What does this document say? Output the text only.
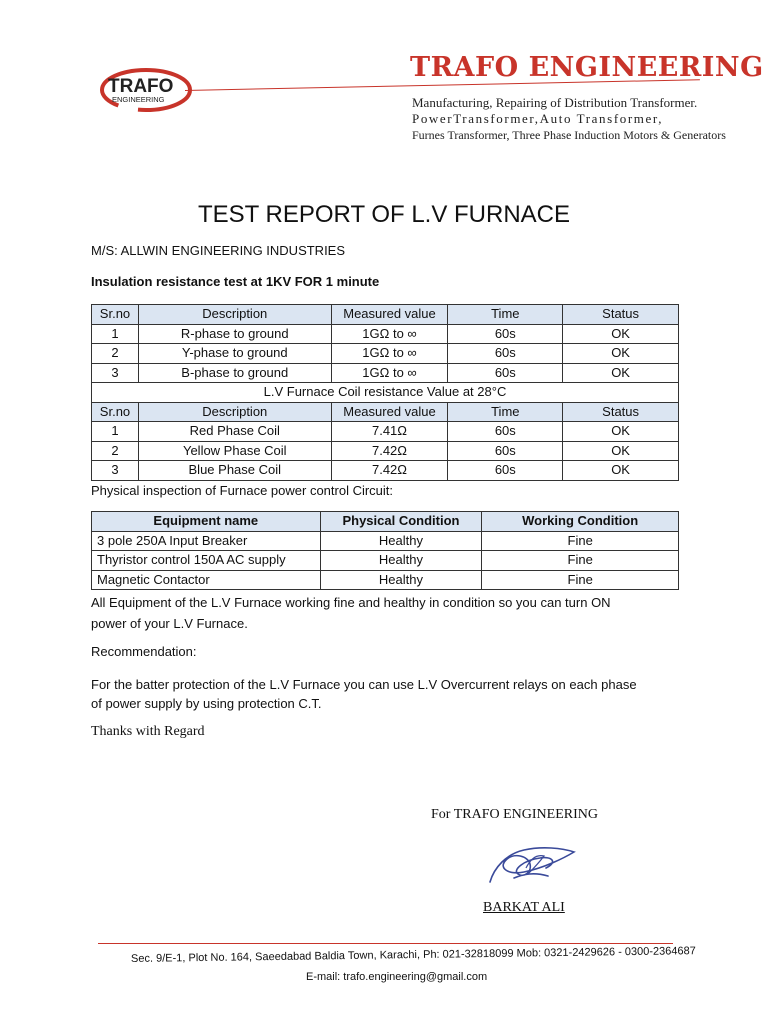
TRAFO
ENGINEERING
TRAFO ENGINEERING
Manufacturing, Repairing of Distribution Transformer.
PowerTransformer,Auto Transformer,
Furnes Transformer, Three Phase Induction Motors & Generators
TEST REPORT OF L.V FURNACE
M/S: ALLWIN ENGINEERING INDUSTRIES
Insulation resistance test at 1KV FOR 1 minute
Sr.no	Description	Measured value	Time	Status
1	R-phase to ground	1GΩ to ∞	60s	OK
2	Y-phase to ground	1GΩ to ∞	60s	OK
3	B-phase to ground	1GΩ to ∞	60s	OK
L.V Furnace Coil resistance Value at 28°C				
Sr.no	Description	Measured value	Time	Status
1	Red Phase Coil	7.41Ω	60s	OK
2	Yellow Phase Coil	7.42Ω	60s	OK
3	Blue Phase Coil	7.42Ω	60s	OK
Physical inspection of Furnace power control Circuit:
Equipment name	Physical Condition	Working Condition
3 pole 250A Input Breaker	Healthy	Fine
Thyristor control 150A AC supply	Healthy	Fine
Magnetic Contactor	Healthy	Fine
All Equipment of the L.V Furnace working fine and healthy in condition so you can turn ON
power of your L.V Furnace.
Recommendation:
For the batter protection of the L.V Furnace you can use L.V Overcurrent relays on each phase
of power supply by using protection C.T.
Thanks with Regard
For TRAFO ENGINEERING
BARKAT ALI
Sec. 9/E-1, Plot No. 164, Saeedabad Baldia Town, Karachi, Ph: 021-32818099 Mob: 0321-2429626 - 0300-2364687
E-mail: trafo.engineering@gmail.com
